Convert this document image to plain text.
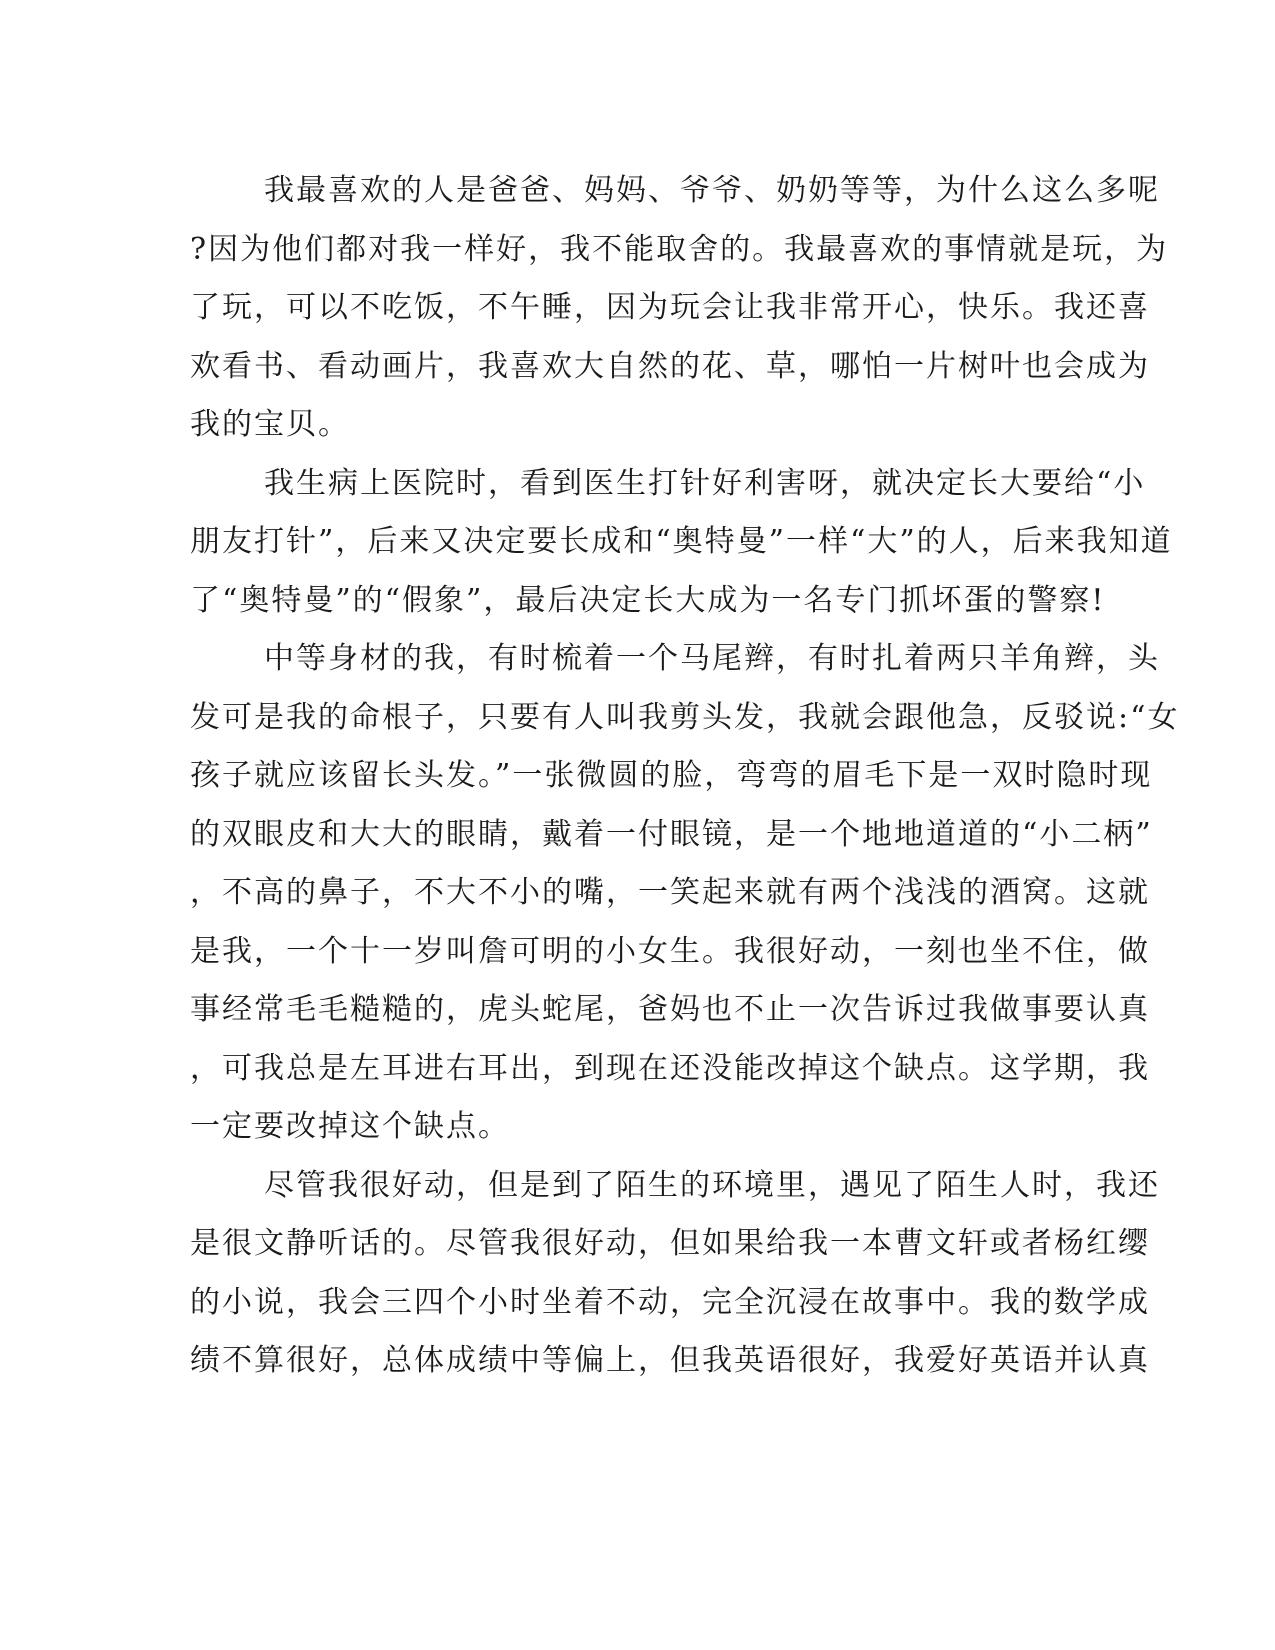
我最喜欢的人是爸爸、妈妈、爷爷、奶奶等等，为什么这么多呢
?因为他们都对我一样好，我不能取舍的。我最喜欢的事情就是玩，为
了玩，可以不吃饭，不午睡，因为玩会让我非常开心，快乐。我还喜
欢看书、看动画片，我喜欢大自然的花、草，哪怕一片树叶也会成为
我的宝贝。
我生病上医院时，看到医生打针好利害呀，就决定长大要给“小
朋友打针”，后来又决定要长成和“奥特曼”一样“大”的人，后来我知道
了“奥特曼”的“假象”，最后决定长大成为一名专门抓坏蛋的警察!
中等身材的我，有时梳着一个马尾辫，有时扎着两只羊角辫，头
发可是我的命根子，只要有人叫我剪头发，我就会跟他急，反驳说:“女
孩子就应该留长头发。”一张微圆的脸，弯弯的眉毛下是一双时隐时现
的双眼皮和大大的眼睛，戴着一付眼镜，是一个地地道道的“小二柄”
，不高的鼻子，不大不小的嘴，一笑起来就有两个浅浅的酒窝。这就
是我，一个十一岁叫詹可明的小女生。我很好动，一刻也坐不住，做
事经常毛毛糙糙的，虎头蛇尾，爸妈也不止一次告诉过我做事要认真
，可我总是左耳进右耳出，到现在还没能改掉这个缺点。这学期，我
一定要改掉这个缺点。
尽管我很好动，但是到了陌生的环境里，遇见了陌生人时，我还
是很文静听话的。尽管我很好动，但如果给我一本曹文轩或者杨红缨
的小说，我会三四个小时坐着不动，完全沉浸在故事中。我的数学成
绩不算很好，总体成绩中等偏上，但我英语很好，我爱好英语并认真
